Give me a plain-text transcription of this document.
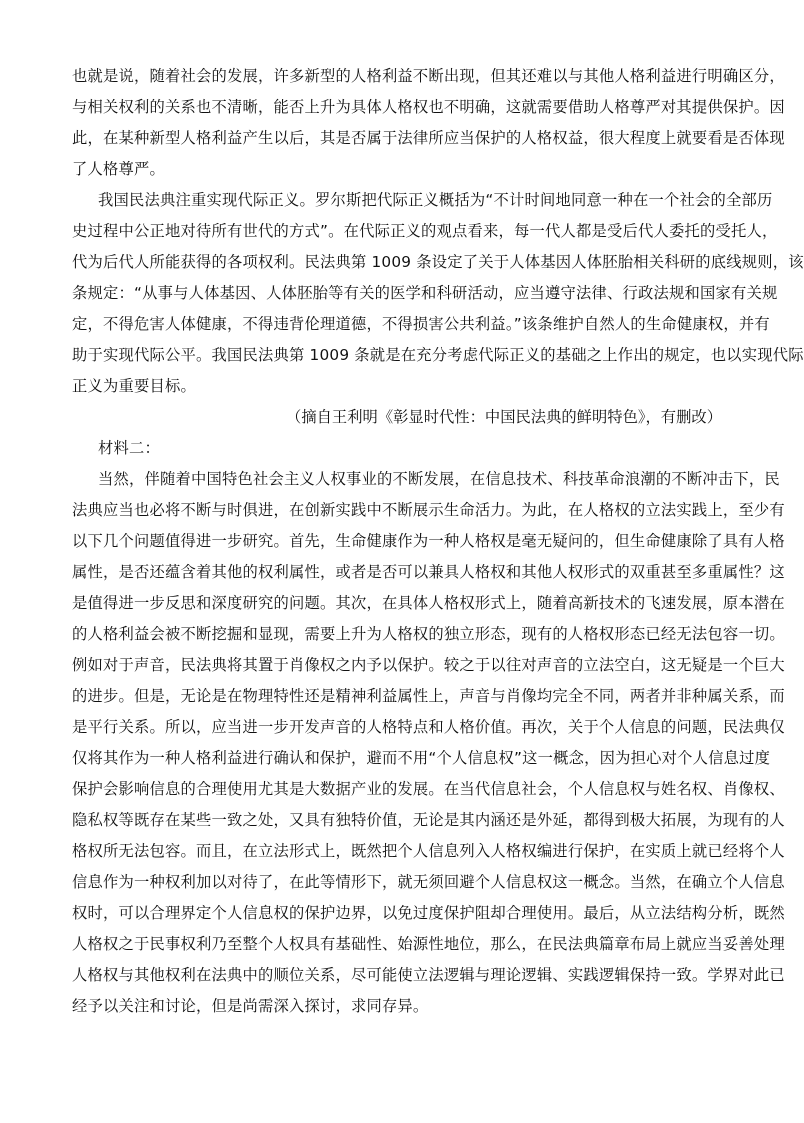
也就是说，随着社会的发展，许多新型的人格利益不断出现，但其还难以与其他人格利益进行明确区分，
与相关权利的关系也不清晰，能否上升为具体人格权也不明确，这就需要借助人格尊严对其提供保护。因
此，在某种新型人格利益产生以后，其是否属于法律所应当保护的人格权益，很大程度上就要看是否体现
了人格尊严。
我国民法典注重实现代际正义。罗尔斯把代际正义概括为“不计时间地同意一种在一个社会的全部历
史过程中公正地对待所有世代的方式”。在代际正义的观点看来，每一代人都是受后代人委托的受托人，
代为后代人所能获得的各项权利。民法典第 1009 条设定了关于人体基因人体胚胎相关科研的底线规则，该
条规定：“从事与人体基因、人体胚胎等有关的医学和科研活动，应当遵守法律、行政法规和国家有关规
定，不得危害人体健康，不得违背伦理道德，不得损害公共利益。”该条维护自然人的生命健康权，并有
助于实现代际公平。我国民法典第 1009 条就是在充分考虑代际正义的基础之上作出的规定，也以实现代际
正义为重要目标。
（摘自王利明《彰显时代性：中国民法典的鲜明特色》，有删改）
材料二：
当然，伴随着中国特色社会主义人权事业的不断发展，在信息技术、科技革命浪潮的不断冲击下，民
法典应当也必将不断与时俱进，在创新实践中不断展示生命活力。为此，在人格权的立法实践上，至少有
以下几个问题值得进一步研究。首先，生命健康作为一种人格权是毫无疑问的，但生命健康除了具有人格
属性，是否还蕴含着其他的权利属性，或者是否可以兼具人格权和其他人权形式的双重甚至多重属性？这
是值得进一步反思和深度研究的问题。其次，在具体人格权形式上，随着高新技术的飞速发展，原本潜在
的人格利益会被不断挖掘和显现，需要上升为人格权的独立形态，现有的人格权形态已经无法包容一切。
例如对于声音，民法典将其置于肖像权之内予以保护。较之于以往对声音的立法空白，这无疑是一个巨大
的进步。但是，无论是在物理特性还是精神利益属性上，声音与肖像均完全不同，两者并非种属关系，而
是平行关系。所以，应当进一步开发声音的人格特点和人格价值。再次，关于个人信息的问题，民法典仅
仅将其作为一种人格利益进行确认和保护，避而不用“个人信息权”这一概念，因为担心对个人信息过度
保护会影响信息的合理使用尤其是大数据产业的发展。在当代信息社会，个人信息权与姓名权、肖像权、
隐私权等既存在某些一致之处，又具有独特价值，无论是其内涵还是外延，都得到极大拓展，为现有的人
格权所无法包容。而且，在立法形式上，既然把个人信息列入人格权编进行保护，在实质上就已经将个人
信息作为一种权利加以对待了，在此等情形下，就无须回避个人信息权这一概念。当然，在确立个人信息
权时，可以合理界定个人信息权的保护边界，以免过度保护阻却合理使用。最后，从立法结构分析，既然
人格权之于民事权利乃至整个人权具有基础性、始源性地位，那么，在民法典篇章布局上就应当妥善处理
人格权与其他权利在法典中的顺位关系，尽可能使立法逻辑与理论逻辑、实践逻辑保持一致。学界对此已
经予以关注和讨论，但是尚需深入探讨，求同存异。
